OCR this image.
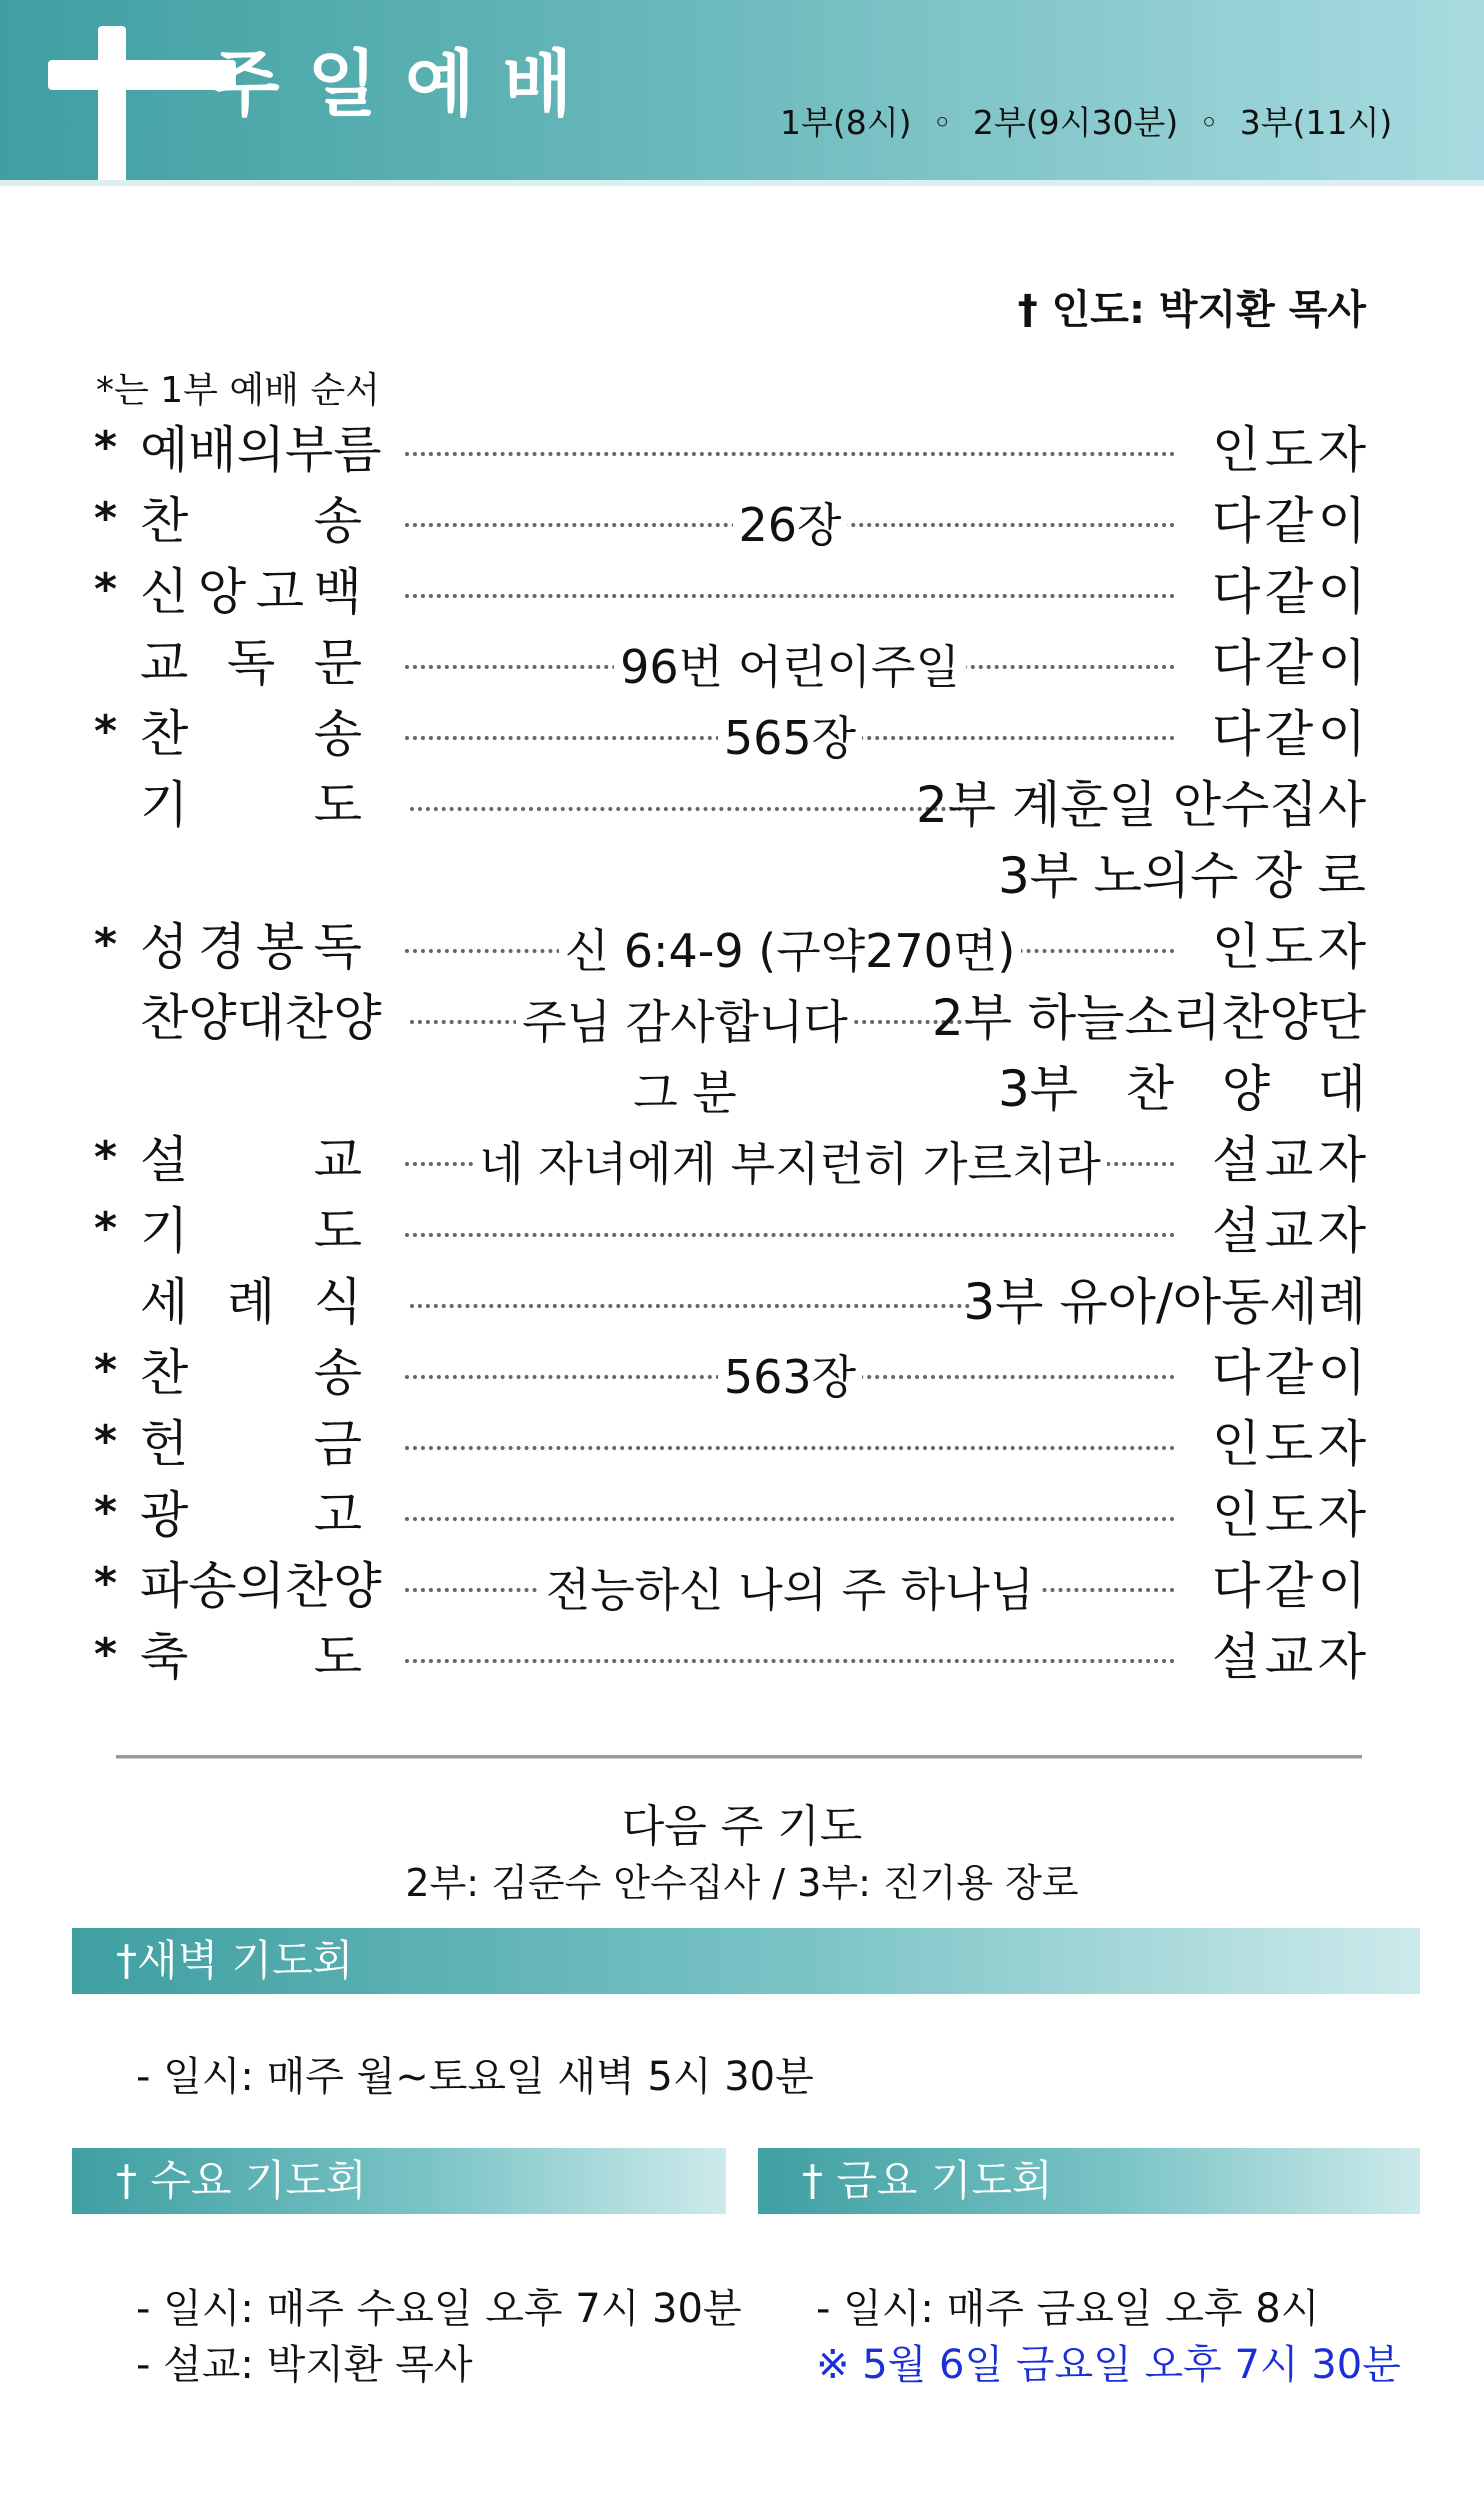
주일예배	1부(8시)  ◦  2부(9시30분)  ◦  3부(11시)
† 인도: 박지환 목사
*는 1부 예배 순서
* 예배의부름	인 도 자
* 찬	송	26장	다 같 이
* 신 앙 고 백	다 같 이
교 독 문	96번 어린이주일	다 같 이
* 찬	송	565장	다 같 이
기	도	2부 계훈일 안수집사
3부 노의수 장 로
* 성 경 봉 독	신 6:4-9 (구약270면)	인 도 자
찬양대찬양	주님 감사합니다	2부 하늘소리찬양단
그 분	3부 찬 양 대
* 설	교	네 자녀에게 부지런히 가르치라	설 교 자
* 기	도	설 교 자
세 례 식	3부 유아/아동세례
* 찬	송	563장	다 같 이
* 헌	금	인 도 자
* 광	고	인 도 자
* 파송의찬양	전능하신 나의 주 하나님	다 같 이
* 축	도	설 교 자
다음 주 기도
2부: 김준수 안수집사 / 3부: 진기용 장로
†새벽 기도회
- 일시: 매주 월~토요일 새벽 5시 30분
† 수요 기도회	† 금요 기도회
- 일시: 매주 수요일 오후 7시 30분
- 설교: 박지환 목사
- 일시: 매주 금요일 오후 8시
※ 5월 6일 금요일 오후 7시 30분
